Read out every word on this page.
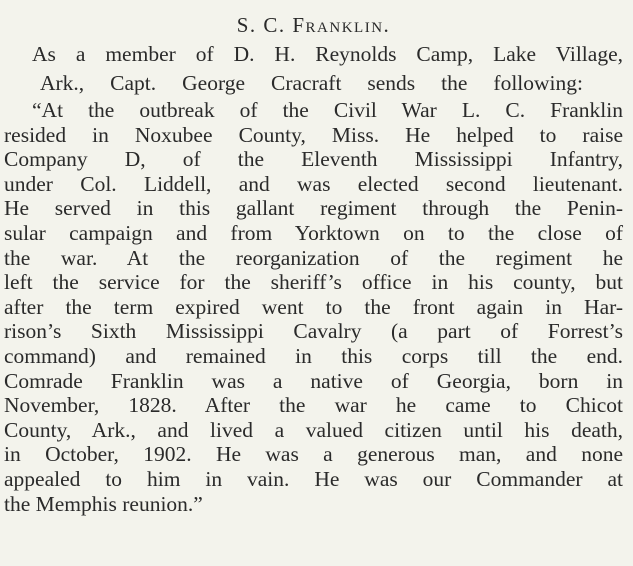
S. C. Franklin.
As a member of D. H. Reynolds Camp, Lake Village,
Ark., Capt. George Cracraft sends the following:
“At the outbreak of the Civil War L. C. Franklin
resided in Noxubee County, Miss. He helped to raise
Company D, of the Eleventh Mississippi Infantry,
under Col. Liddell, and was elected second lieutenant.
He served in this gallant regiment through the Penin-
sular campaign and from Yorktown on to the close of
the war. At the reorganization of the regiment he
left the service for the sheriff’s office in his county, but
after the term expired went to the front again in Har-
rison’s Sixth Mississippi Cavalry (a part of Forrest’s
command) and remained in this corps till the end.
Comrade Franklin was a native of Georgia, born in
November, 1828. After the war he came to Chicot
County, Ark., and lived a valued citizen until his death,
in October, 1902. He was a generous man, and none
appealed to him in vain. He was our Commander at
the Memphis reunion.”
